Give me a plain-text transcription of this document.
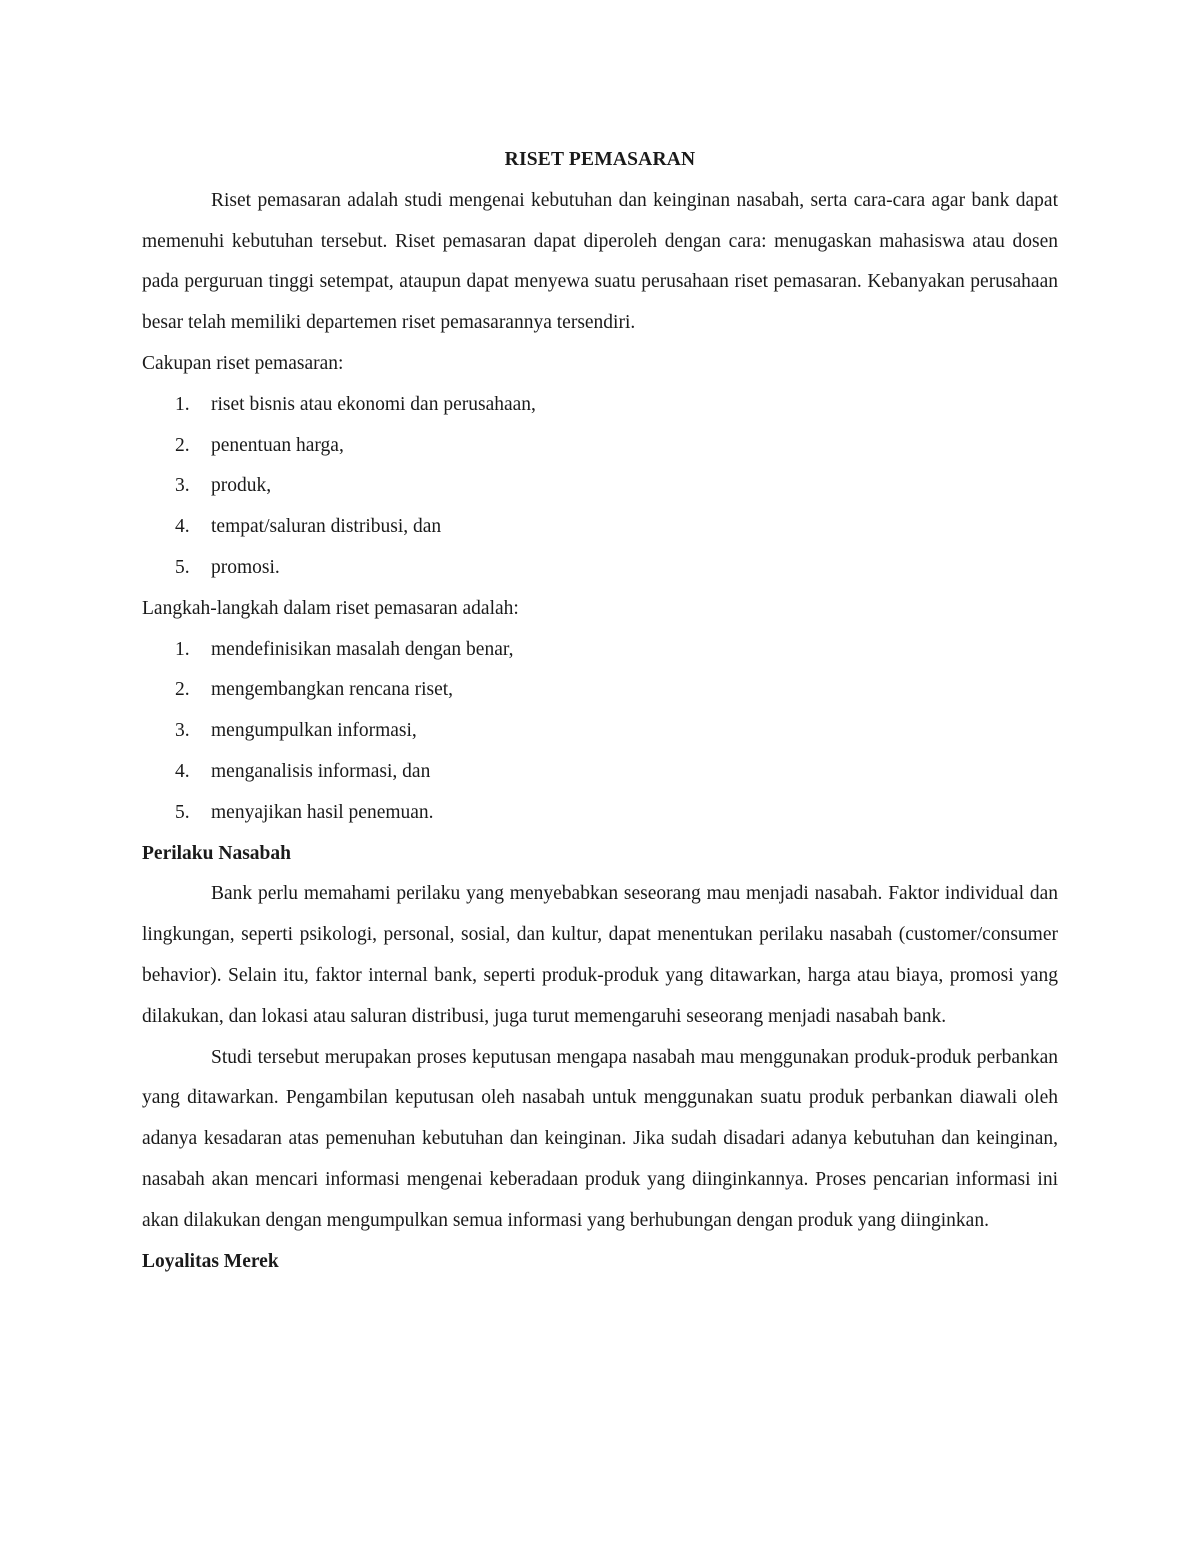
RISET PEMASARAN

Riset pemasaran adalah studi mengenai kebutuhan dan keinginan nasabah, serta cara-cara agar bank dapat memenuhi kebutuhan tersebut. Riset pemasaran dapat diperoleh dengan cara: menugaskan mahasiswa atau dosen pada perguruan tinggi setempat, ataupun dapat menyewa suatu perusahaan riset pemasaran. Kebanyakan perusahaan besar telah memiliki departemen riset pemasarannya tersendiri.

Cakupan riset pemasaran:

1. riset bisnis atau ekonomi dan perusahaan,
2. penentuan harga,
3. produk,
4. tempat/saluran distribusi, dan
5. promosi.

Langkah-langkah dalam riset pemasaran adalah:

1. mendefinisikan masalah dengan benar,
2. mengembangkan rencana riset,
3. mengumpulkan informasi,
4. menganalisis informasi, dan
5. menyajikan hasil penemuan.

Perilaku Nasabah

Bank perlu memahami perilaku yang menyebabkan seseorang mau menjadi nasabah. Faktor individual dan lingkungan, seperti psikologi, personal, sosial, dan kultur, dapat menentukan perilaku nasabah (customer/consumer behavior). Selain itu, faktor internal bank, seperti produk-produk yang ditawarkan, harga atau biaya, promosi yang dilakukan, dan lokasi atau saluran distribusi, juga turut memengaruhi seseorang menjadi nasabah bank.

Studi tersebut merupakan proses keputusan mengapa nasabah mau menggunakan produk-produk perbankan yang ditawarkan. Pengambilan keputusan oleh nasabah untuk menggunakan suatu produk perbankan diawali oleh adanya kesadaran atas pemenuhan kebutuhan dan keinginan. Jika sudah disadari adanya kebutuhan dan keinginan, nasabah akan mencari informasi mengenai keberadaan produk yang diinginkannya. Proses pencarian informasi ini akan dilakukan dengan mengumpulkan semua informasi yang berhubungan dengan produk yang diinginkan.

Loyalitas Merek
